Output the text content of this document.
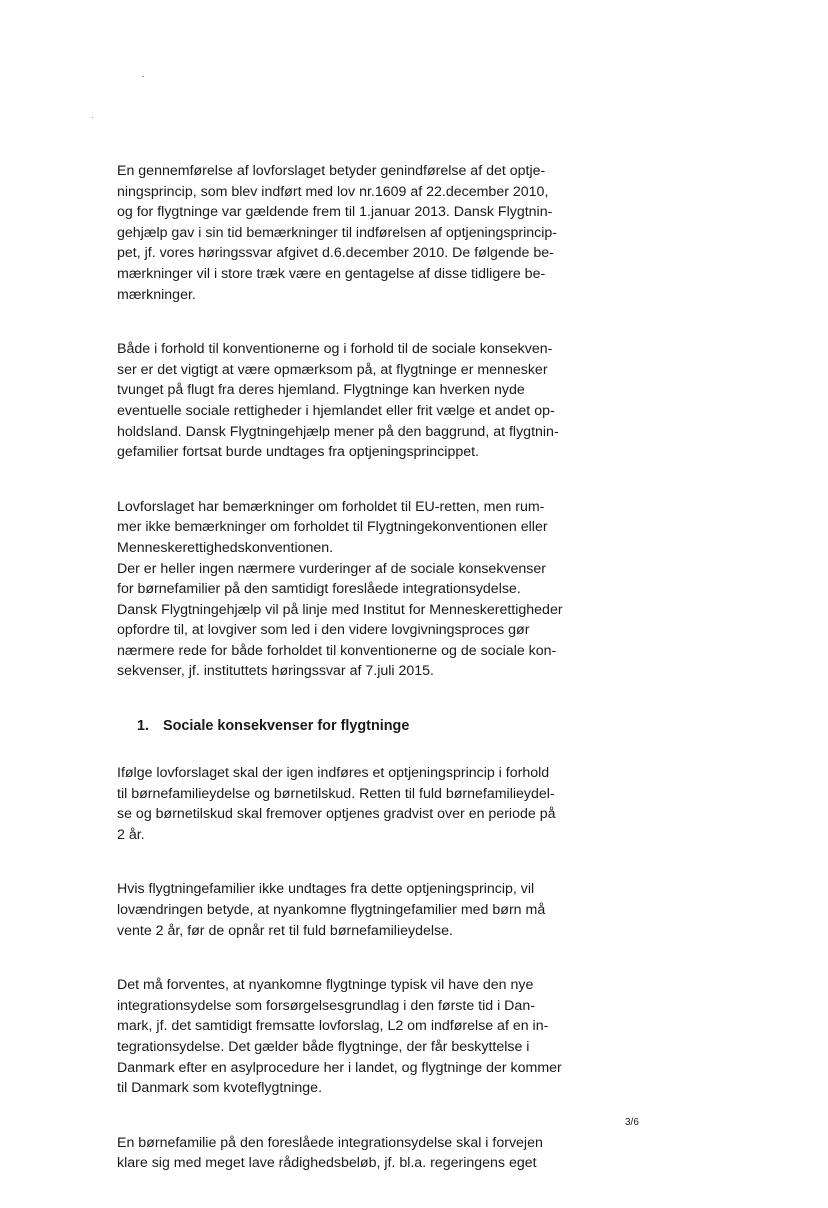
En gennemførelse af lovforslaget betyder genindførelse af det optje-
ningsprincip, som blev indført med lov nr.1609 af 22.december 2010,
og for flygtninge var gældende frem til 1.januar 2013. Dansk Flygtnin-
gehjælp gav i sin tid bemærkninger til indførelsen af optjeningsprincip-
pet, jf. vores høringssvar afgivet d.6.december 2010. De følgende be-
mærkninger vil i store træk være en gentagelse af disse tidligere be-
mærkninger.

Både i forhold til konventionerne og i forhold til de sociale konsekven-
ser er det vigtigt at være opmærksom på, at flygtninge er mennesker
tvunget på flugt fra deres hjemland. Flygtninge kan hverken nyde
eventuelle sociale rettigheder i hjemlandet eller frit vælge et andet op-
holdsland. Dansk Flygtningehjælp mener på den baggrund, at flygtnin-
gefamilier fortsat burde undtages fra optjeningsprincippet.

Lovforslaget har bemærkninger om forholdet til EU-retten, men rum-
mer ikke bemærkninger om forholdet til Flygtningekonventionen eller
Menneskerettighedskonventionen.
Der er heller ingen nærmere vurderinger af de sociale konsekvenser
for børnefamilier på den samtidigt foreslåede integrationsydelse.
Dansk Flygtningehjælp vil på linje med Institut for Menneskerettigheder
opfordre til, at lovgiver som led i den videre lovgivningsproces gør
nærmere rede for både forholdet til konventionerne og de sociale kon-
sekvenser, jf. instituttets høringssvar af 7.juli 2015.

1. Sociale konsekvenser for flygtninge

Ifølge lovforslaget skal der igen indføres et optjeningsprincip i forhold
til børnefamilieydelse og børnetilskud. Retten til fuld børnefamilieydel-
se og børnetilskud skal fremover optjenes gradvist over en periode på
2 år.

Hvis flygtningefamilier ikke undtages fra dette optjeningsprincip, vil
lovændringen betyde, at nyankomne flygtningefamilier med børn må
vente 2 år, før de opnår ret til fuld børnefamilieydelse.

Det må forventes, at nyankomne flygtninge typisk vil have den nye
integrationsydelse som forsørgelsesgrundlag i den første tid i Dan-
mark, jf. det samtidigt fremsatte lovforslag, L2 om indførelse af en in-
tegrationsydelse. Det gælder både flygtninge, der får beskyttelse i
Danmark efter en asylprocedure her i landet, og flygtninge der kommer
til Danmark som kvoteflygtninge.

En børnefamilie på den foreslåede integrationsydelse skal i forvejen
klare sig med meget lave rådighedsbeløb, jf. bl.a. regeringens eget

3/6
